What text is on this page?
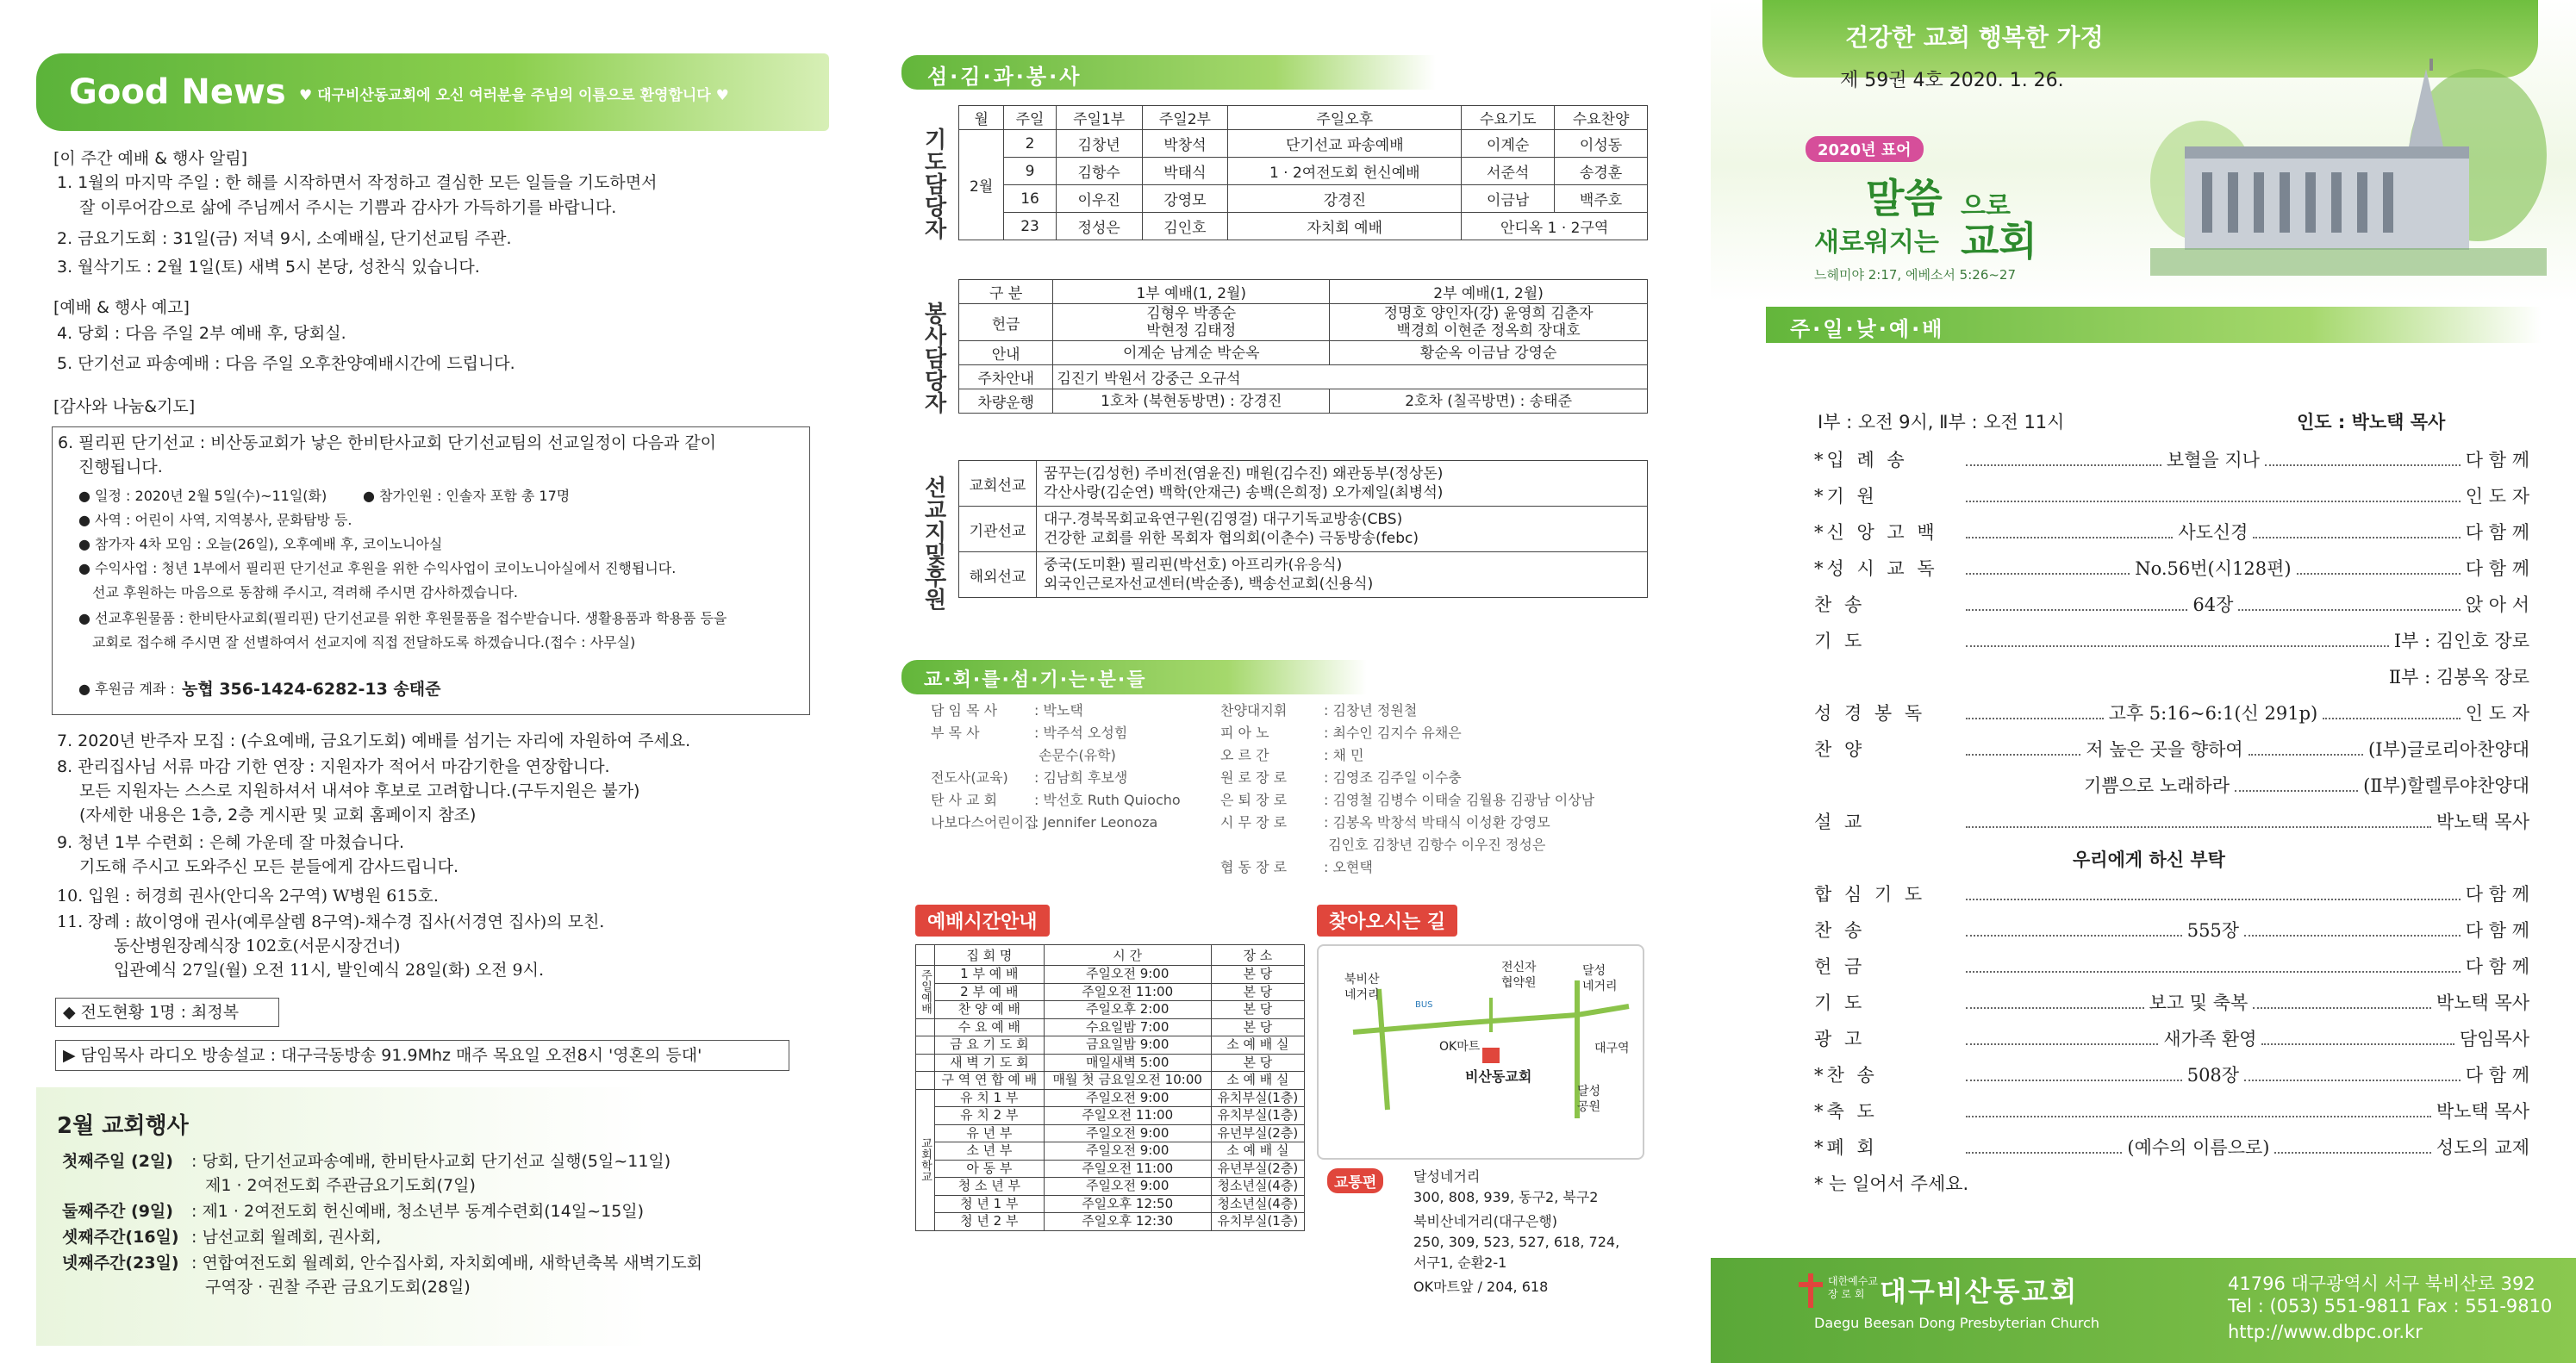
Good News ♥ 대구비산동교회에 오신 여러분을 주님의 이름으로 환영합니다 ♥
[이 주간 예배 & 행사 알림]
1. 1월의 마지막 주일 : 한 해를 시작하면서 작정하고 결심한 모든 일들을 기도하면서
잘 이루어감으로 삶에 주님께서 주시는 기쁨과 감사가 가득하기를 바랍니다.
2. 금요기도회 : 31일(금) 저녁 9시, 소예배실, 단기선교팀 주관.
3. 월삭기도 : 2월 1일(토) 새벽 5시 본당, 성찬식 있습니다.
[예배 & 행사 예고]
4. 당회 : 다음 주일 2부 예배 후, 당회실.
5. 단기선교 파송예배 : 다음 주일 오후찬양예배시간에 드립니다.
[감사와 나눔&기도]
6. 필리핀 단기선교 : 비산동교회가 낳은 한비탄사교회 단기선교팀의 선교일정이 다음과 같이
진행됩니다.
● 일정 : 2020년 2월 5일(수)~11일(화)	● 참가인원 : 인솔자 포함 총 17명
● 사역 : 어린이 사역, 지역봉사, 문화탐방 등.
● 참가자 4차 모임 : 오늘(26일), 오후예배 후, 코이노니아실
● 수익사업 : 청년 1부에서 필리핀 단기선교 후원을 위한 수익사업이 코이노니아실에서 진행됩니다.
선교 후원하는 마음으로 동참해 주시고, 격려해 주시면 감사하겠습니다.
● 선교후원물품 : 한비탄사교회(필리핀) 단기선교를 위한 후원물품을 접수받습니다. 생활용품과 학용품 등을
교회로 접수해 주시면 잘 선별하여서 선교지에 직접 전달하도록 하겠습니다.(접수 : 사무실)
● 후원금 계좌 : 농협 356-1424-6282-13 송태준
7. 2020년 반주자 모집 : (수요예배, 금요기도회) 예배를 섬기는 자리에 자원하여 주세요.
8. 관리집사님 서류 마감 기한 연장 : 지원자가 적어서 마감기한을 연장합니다.
모든 지원자는 스스로 지원하셔서 내셔야 후보로 고려합니다.(구두지원은 불가)
(자세한 내용은 1층, 2층 게시판 및 교회 홈페이지 참조)
9. 청년 1부 수련회 : 은혜 가운데 잘 마쳤습니다.
기도해 주시고 도와주신 모든 분들에게 감사드립니다.
10. 입원 : 허경희 권사(안디옥 2구역) W병원 615호.
11. 장례 : 故이영애 권사(예루살렘 8구역)-채수경 집사(서경연 집사)의 모친.
동산병원장례식장 102호(서문시장건너)
입관예식 27일(월) 오전 11시, 발인예식 28일(화) 오전 9시.
◆ 전도현황 1명 : 최정복
▶ 담임목사 라디오 방송설교 : 대구극동방송 91.9Mhz 매주 목요일 오전8시 '영혼의 등대'
2월 교회행사
첫째주일 (2일) : 당회, 단기선교파송예배, 한비탄사교회 단기선교 실행(5일~11일)
제1 · 2여전도회 주관금요기도회(7일)
둘째주간 (9일) : 제1 · 2여전도회 헌신예배, 청소년부 동계수련회(14일~15일)
셋째주간(16일) : 남선교회 월례회, 권사회,
넷째주간(23일) : 연합여전도회 월례회, 안수집사회, 자치회예배, 새학년축복 새벽기도회
구역장 · 권찰 주관 금요기도회(28일)
섬·김·과·봉·사
기도담당자
월	주일	주일1부	주일2부	주일오후	수요기도	수요찬양
2월	2	김창년	박창석	단기선교 파송예배	이계순	이성동
	9	김항수	박태식	1 · 2여전도회 헌신예배	서준석	송경훈
	16	이우진	강영모	강경진	이금남	백주호
	23	정성은	김인호	자치회 예배	안디옥 1 · 2구역	
봉사담당자
구 분	1부 예배(1, 2월)	2부 예배(1, 2월)
헌금	김형우 박종순
박현정 김태정	정명호 양인자(강) 윤영희 김춘자
백경희 이현준 정옥희 장대호
안내	이계순 남계순 박순옥	황순옥 이금남 강영순
주차안내	김진기 박원서 강중근 오규석	
차량운행	1호차 (북현동방면) : 강경진	2호차 (칠곡방면) : 송태준
선교지및후원 교회선교	꿈꾸는(김성헌) 주비전(염윤진) 매원(김수진) 왜관동부(정상돈)
각산사랑(김순연) 백학(안재근) 송백(은희정) 오가제일(최병석)
기관선교	대구.경북목회교육연구원(김영걸) 대구기독교방송(CBS)
건강한 교회를 위한 목회자 협의회(이춘수) 극동방송(febc)
해외선교	중국(도미환) 필리핀(박선호) 아프리카(유응식)
외국인근로자선교센터(박순종), 백송선교회(신용식)
교·회·를·섬·기·는·분·들
담 임 목 사	: 박노택
부 목 사	: 박주석 오성힘
손문수(유학)
전도사(교육) : 김남희 후보생
탄 사 교 회	: 박선호 Ruth Quiocho
나보다스어린이집: Jennifer Leonoza
찬양대지휘	: 김창년 정원철
피 아 노	: 최수인 김지수 유채은
오 르 간	: 채 민
원 로 장 로	: 김영조 김주일 이수충
은 퇴 장 로	: 김영철 김병수 이태술 김월용 김광남 이상남
시 무 장 로	: 김봉옥 박창석 박태식 이성환 강영모
김인호 김창년 김항수 이우진 정성은
협 동 장 로	: 오현택
예배시간안내
	집 회 명	시 간	장 소
주일예배	1 부 예 배	주일오전 9:00	본 당
	2 부 예 배	주일오전 11:00	본 당
	찬 양 예 배	주일오후 2:00	본 당
	수 요 예 배	수요일밤 7:00	본 당
	금 요 기 도 회	금요일밤 9:00	소 예 배 실
	새 벽 기 도 회	매일새벽 5:00	본 당
	구 역 연 합 예 배	매월 첫 금요일오전 10:00	소 예 배 실
교회학교	유 치 1 부	주일오전 9:00	유치부실(1층)
	유 치 2 부	주일오전 11:00	유치부실(1층)
	유 년 부	주일오전 9:00	유년부실(2층)
	소 년 부	주일오전 9:00	소 예 배 실
	아 동 부	주일오전 11:00	유년부실(2층)
	청 소 년 부	주일오전 9:00	청소년실(4층)
	청 년 1 부	주일오후 12:50	청소년실(4층)
	청 년 2 부	주일오후 12:30	유치부실(1층)
찾아오시는 길
북비산
네거리
OK마트
전신자
협약원
달성
네거리
대구역
달성
공원
BUS
비산동교회
교통편	달성네거리
300, 808, 939, 동구2, 북구2
북비산네거리(대구은행)
250, 309, 523, 527, 618, 724,
서구1, 순환2-1
OK마트앞 / 204, 618
건강한 교회 행복한 가정
제 59권 4호 2020. 1. 26.
2020년 표어
말씀 으로
새로워지는 교회
느헤미야 2:17, 에베소서 5:26~27
주·일·낮·예·배
Ⅰ부 : 오전 9시, Ⅱ부 : 오전 11시	인도 : 박노택 목사
*입 례 송	보혈을 지나	다 함 께
*기 원	인 도 자
*신 앙 고 백	사도신경	다 함 께
*성 시 교 독	No.56번(시128편)	다 함 께
찬 송	64장	앉 아 서
기 도	Ⅰ부 : 김인호 장로
Ⅱ부 : 김봉옥 장로
성 경 봉 독	고후 5:16~6:1(신 291p)	인 도 자
찬 양	저 높은 곳을 향하여	(Ⅰ부)글로리아찬양대
기쁨으로 노래하라	(Ⅱ부)할렐루야찬양대
설 교	박노택 목사
우리에게 하신 부탁
합 심 기 도	다 함 께
찬 송	555장	다 함 께
헌 금	다 함 께
기 도	보고 및 축복	박노택 목사
광 고	새가족 환영	담임목사
*찬 송	508장	다 함 께
*축 도	박노택 목사
*폐 회	(예수의 이름으로)	성도의 교제
* 는 일어서 주세요.
대한예수교
장 로 회 대구비산동교회
Daegu Beesan Dong Presbyterian Church
41796 대구광역시 서구 북비산로 392
Tel : (053) 551-9811 Fax : 551-9810
http://www.dbpc.or.kr
